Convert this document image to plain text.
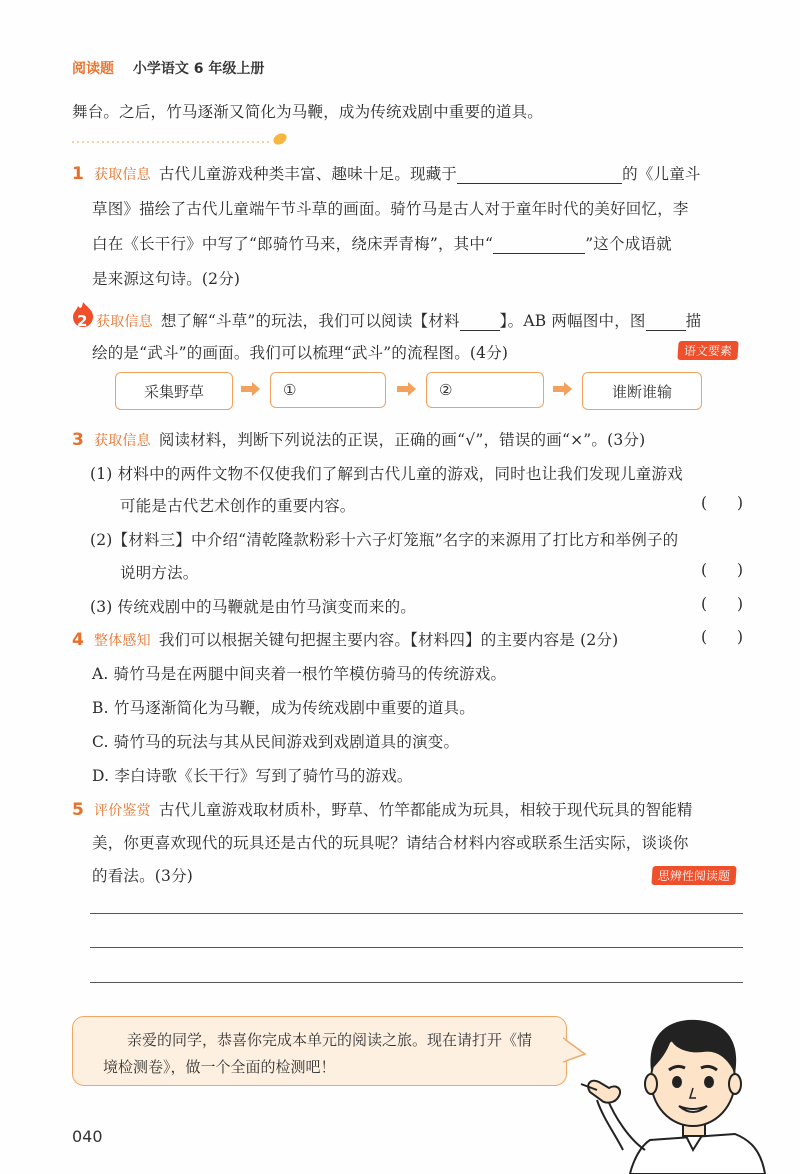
阅读题 小学语文 6 年级上册
舞台。之后，竹马逐渐又简化为马鞭，成为传统戏剧中重要的道具。
1 获取信息 古代儿童游戏种类丰富、趣味十足。现藏于	的《儿童斗
草图》描绘了古代儿童端午节斗草的画面。骑竹马是古人对于童年时代的美好回忆，李
白在《长干行》中写了“郎骑竹马来，绕床弄青梅”，其中“	”这个成语就
是来源这句诗。(2分)
2 获取信息 想了解“斗草”的玩法，我们可以阅读【材料	】。AB 两幅图中，图	描
绘的是“武斗”的画面。我们可以梳理“武斗”的流程图。(4分)	语文要素
采集野草	①	②	谁断谁输
3 获取信息 阅读材料，判断下列说法的正误，正确的画“√”，错误的画“×”。(3分)
(1) 材料中的两件文物不仅使我们了解到古代儿童的游戏，同时也让我们发现儿童游戏
可能是古代艺术创作的重要内容。	( )
(2)【材料三】中介绍“清乾隆款粉彩十六子灯笼瓶”名字的来源用了打比方和举例子的
说明方法。	( )
(3) 传统戏剧中的马鞭就是由竹马演变而来的。	( )
4 整体感知 我们可以根据关键句把握主要内容。【材料四】的主要内容是 (2分)	( )
A. 骑竹马是在两腿中间夹着一根竹竿模仿骑马的传统游戏。
B. 竹马逐渐简化为马鞭，成为传统戏剧中重要的道具。
C. 骑竹马的玩法与其从民间游戏到戏剧道具的演变。
D. 李白诗歌《长干行》写到了骑竹马的游戏。
5 评价鉴赏 古代儿童游戏取材质朴，野草、竹竿都能成为玩具，相较于现代玩具的智能精
美，你更喜欢现代的玩具还是古代的玩具呢？请结合材料内容或联系生活实际，谈谈你
的看法。(3分)	思辨性阅读题
亲爱的同学，恭喜你完成本单元的阅读之旅。现在请打开《情
境检测卷》，做一个全面的检测吧！
040
